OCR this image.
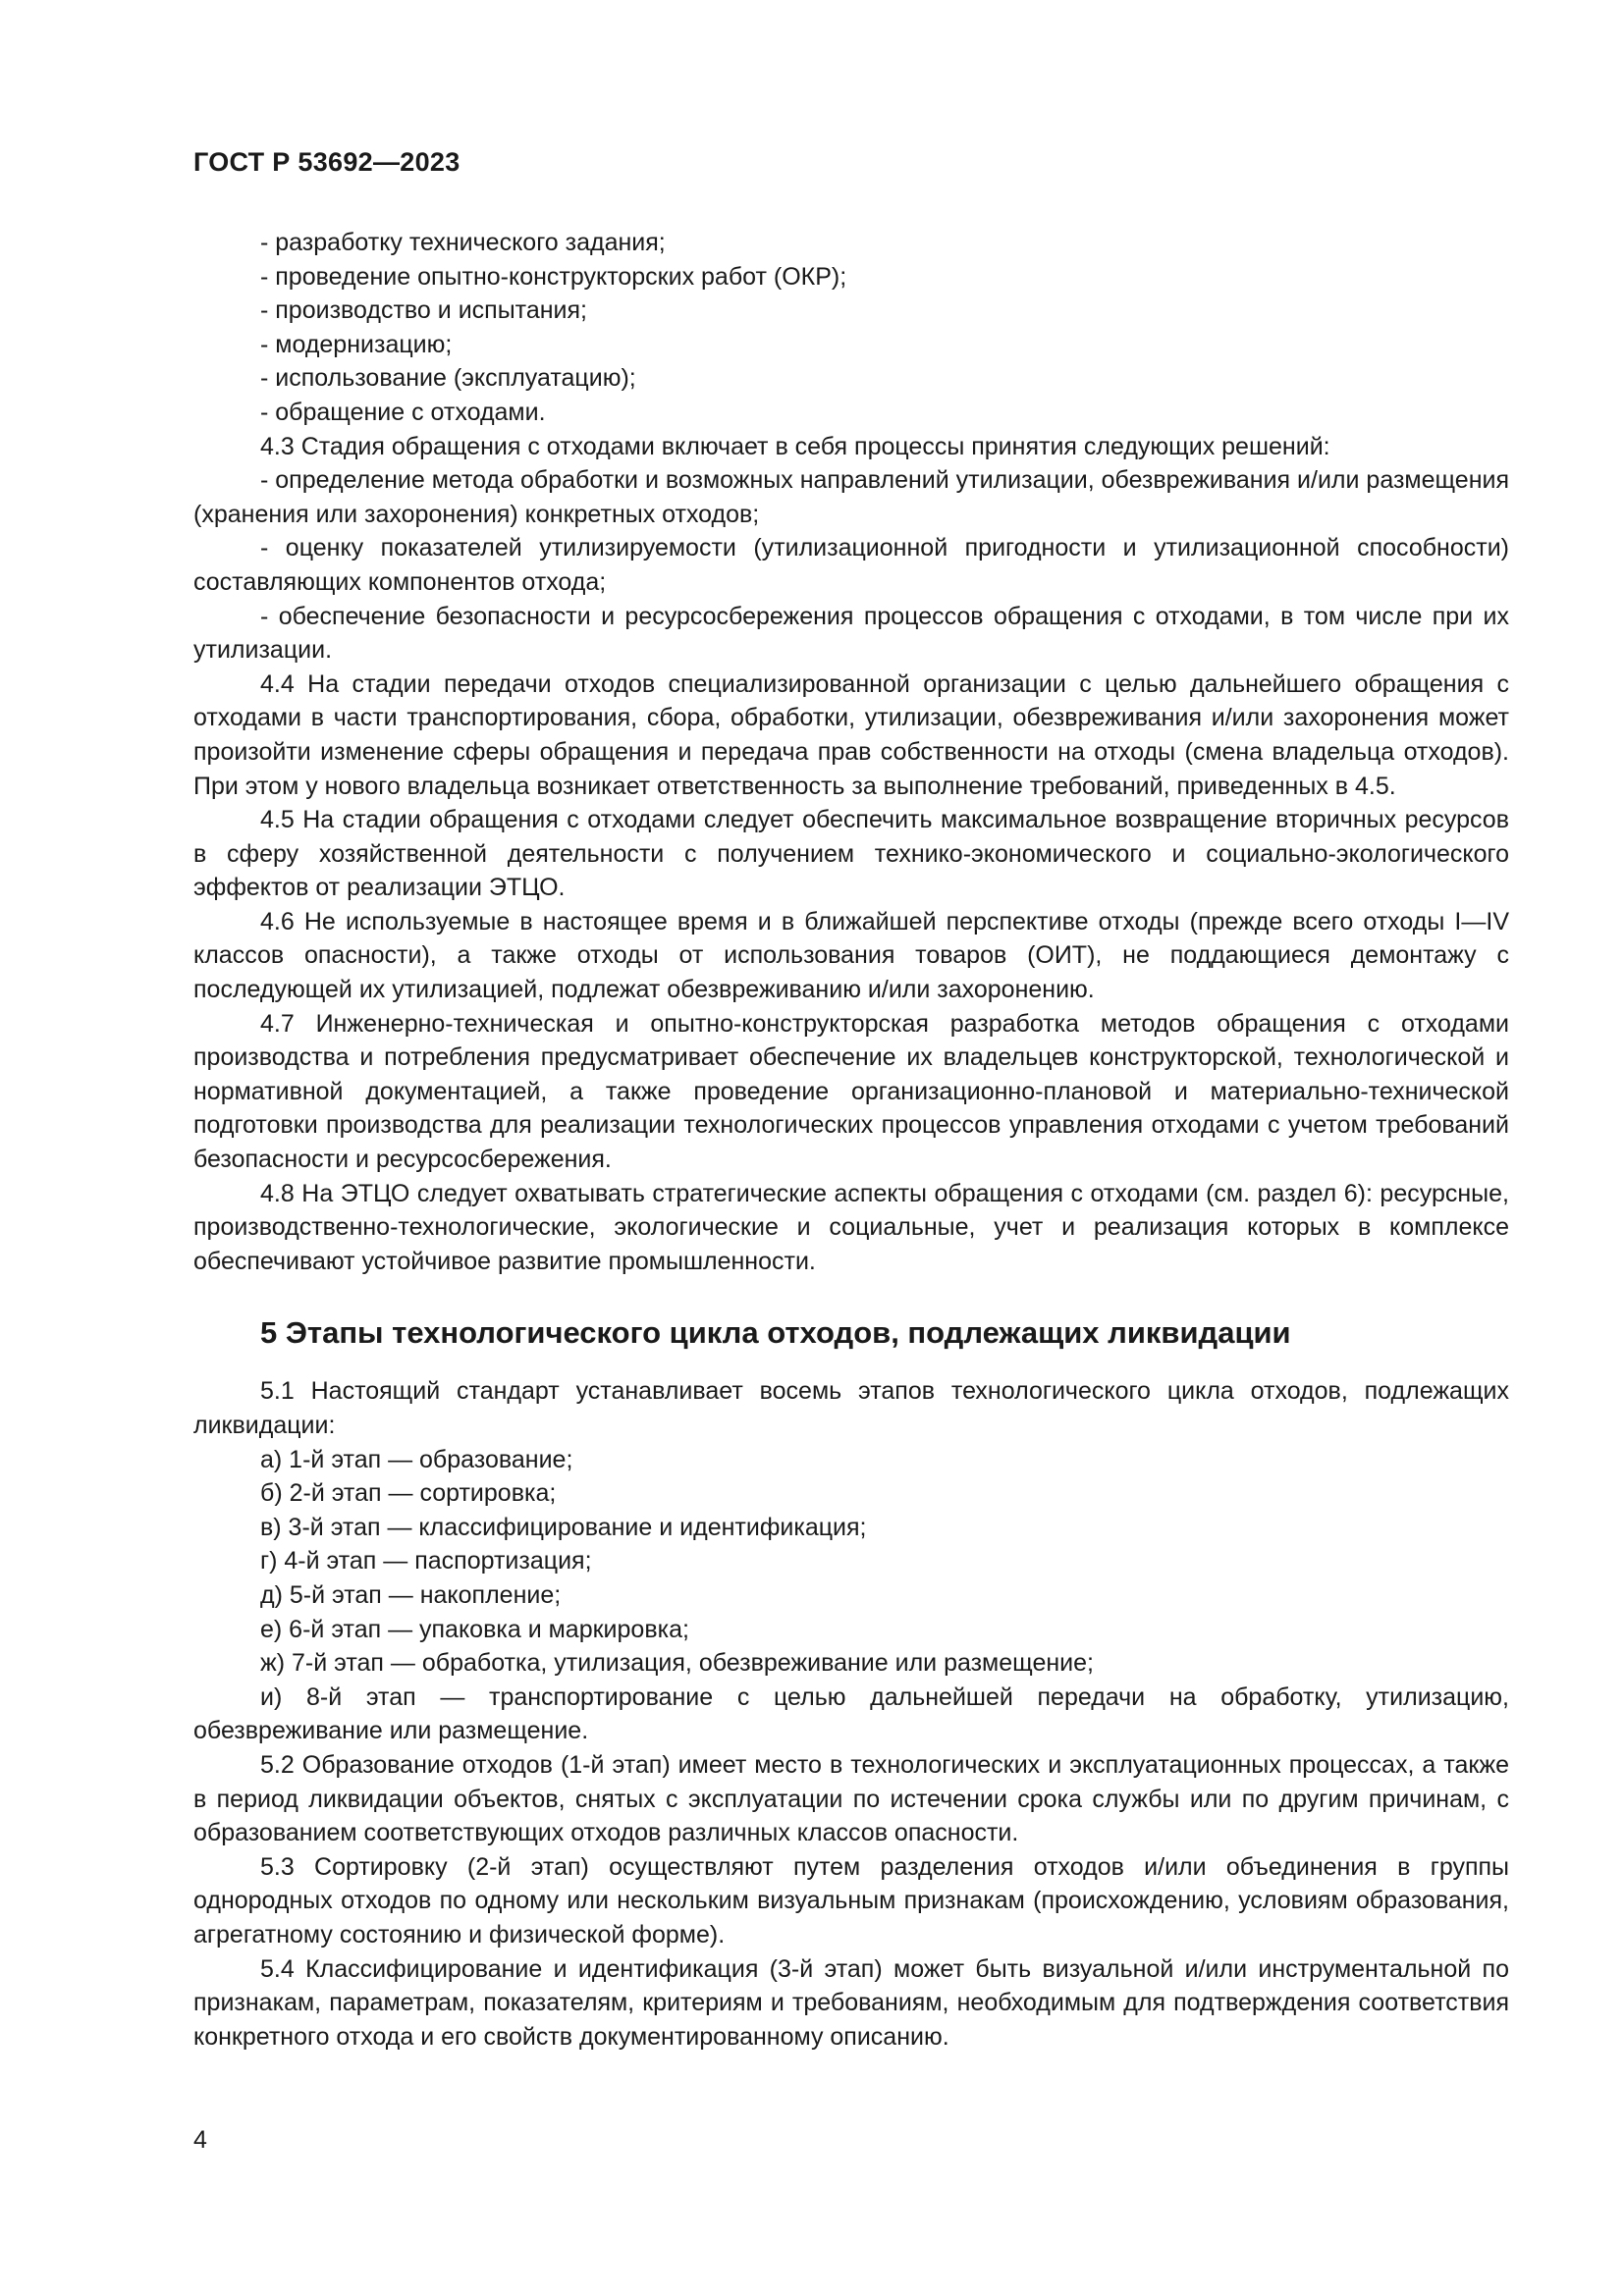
ГОСТ Р 53692—2023

- разработку технического задания;

- проведение опытно-конструкторских работ (ОКР);

- производство и испытания;

- модернизацию;

- использование (эксплуатацию);

- обращение с отходами.

4.3 Стадия обращения с отходами включает в себя процессы принятия следующих решений:

- определение метода обработки и возможных направлений утилизации, обезвреживания и/или размещения (хранения или захоронения) конкретных отходов;

- оценку показателей утилизируемости (утилизационной пригодности и утилизационной способности) составляющих компонентов отхода;

- обеспечение безопасности и ресурсосбережения процессов обращения с отходами, в том числе при их утилизации.

4.4 На стадии передачи отходов специализированной организации с целью дальнейшего обращения с отходами в части транспортирования, сбора, обработки, утилизации, обезвреживания и/или захоронения может произойти изменение сферы обращения и передача прав собственности на отходы (смена владельца отходов). При этом у нового владельца возникает ответственность за выполнение требований, приведенных в 4.5.

4.5 На стадии обращения с отходами следует обеспечить максимальное возвращение вторичных ресурсов в сферу хозяйственной деятельности с получением технико-экономического и социально-экологического эффектов от реализации ЭТЦО.

4.6 Не используемые в настоящее время и в ближайшей перспективе отходы (прежде всего отходы I—IV классов опасности), а также отходы от использования товаров (ОИТ), не поддающиеся демонтажу с последующей их утилизацией, подлежат обезвреживанию и/или захоронению.

4.7 Инженерно-техническая и опытно-конструкторская разработка методов обращения с отходами производства и потребления предусматривает обеспечение их владельцев конструкторской, технологической и нормативной документацией, а также проведение организационно-плановой и материально-технической подготовки производства для реализации технологических процессов управления отходами с учетом требований безопасности и ресурсосбережения.

4.8 На ЭТЦО следует охватывать стратегические аспекты обращения с отходами (см. раздел 6): ресурсные, производственно-технологические, экологические и социальные, учет и реализация которых в комплексе обеспечивают устойчивое развитие промышленности.

5 Этапы технологического цикла отходов, подлежащих ликвидации

5.1 Настоящий стандарт устанавливает восемь этапов технологического цикла отходов, подлежащих ликвидации:

а) 1-й этап — образование;

б) 2-й этап — сортировка;

в) 3-й этап — классифицирование и идентификация;

г) 4-й этап — паспортизация;

д) 5-й этап — накопление;

е) 6-й этап — упаковка и маркировка;

ж) 7-й этап — обработка, утилизация, обезвреживание или размещение;

и) 8-й этап — транспортирование с целью дальнейшей передачи на обработку, утилизацию, обезвреживание или размещение.

5.2 Образование отходов (1-й этап) имеет место в технологических и эксплуатационных процессах, а также в период ликвидации объектов, снятых с эксплуатации по истечении срока службы или по другим причинам, с образованием соответствующих отходов различных классов опасности.

5.3 Сортировку (2-й этап) осуществляют путем разделения отходов и/или объединения в группы однородных отходов по одному или нескольким визуальным признакам (происхождению, условиям образования, агрегатному состоянию и физической форме).

5.4 Классифицирование и идентификация (3-й этап) может быть визуальной и/или инструментальной по признакам, параметрам, показателям, критериям и требованиям, необходимым для подтверждения соответствия конкретного отхода и его свойств документированному описанию.

4
